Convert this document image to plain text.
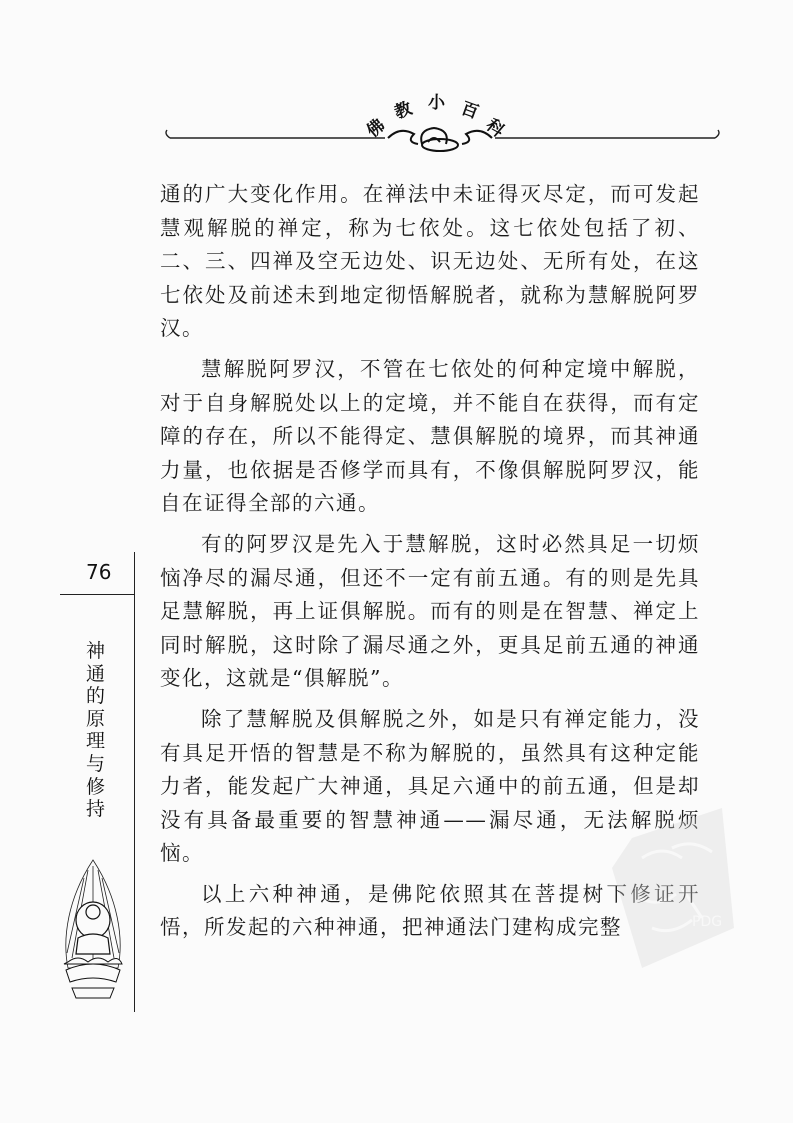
佛
教 小 百
科

通的广大变化作用。在禅法中未证得灭尽定，而可发起慧观解脱的禅定，称为七依处。这七依处包括了初、二、三、四禅及空无边处、识无边处、无所有处，在这七依处及前述未到地定彻悟解脱者，就称为慧解脱阿罗汉。

慧解脱阿罗汉，不管在七依处的何种定境中解脱，对于自身解脱处以上的定境，并不能自在获得，而有定障的存在，所以不能得定、慧俱解脱的境界，而其神通力量，也依据是否修学而具有，不像俱解脱阿罗汉，能自在证得全部的六通。

有的阿罗汉是先入于慧解脱，这时必然具足一切烦恼净尽的漏尽通，但还不一定有前五通。有的则是先具足慧解脱，再上证俱解脱。而有的则是在智慧、禅定上同时解脱，这时除了漏尽通之外，更具足前五通的神通变化，这就是“俱解脱”。

除了慧解脱及俱解脱之外，如是只有禅定能力，没有具足开悟的智慧是不称为解脱的，虽然具有这种定能力者，能发起广大神通，具足六通中的前五通，但是却没有具备最重要的智慧神通——漏尽通，无法解脱烦恼。

以上六种神通，是佛陀依照其在菩提树下修证开悟，所发起的六种神通，把神通法门建构成完整

76
神通的原理与修持
PDG
